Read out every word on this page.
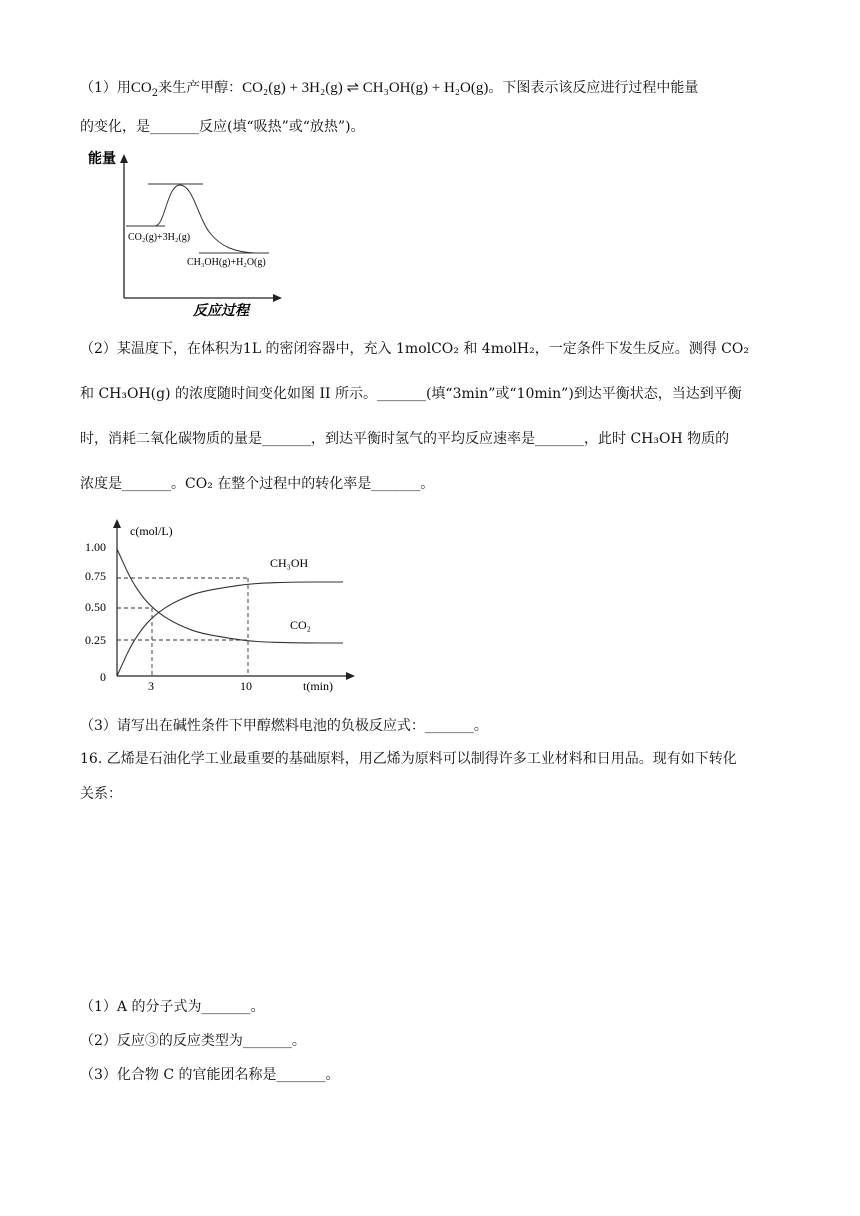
（1）用$CO_2$来生产甲醇：CO₂(g) + 3H₂(g) ⇌ CH₃OH(g) + H₂O(g)。下图表示该反应进行过程中能量
的变化，是_______反应(填“吸热”或“放热”)。
能量
CO₂(g)+3H₂(g)
CH₃OH(g)+H₂O(g)
反应过程
（2）某温度下，在体积为1L 的密闭容器中，充入 1molCO₂ 和 4molH₂，一定条件下发生反应。测得 CO₂
和 CH₃OH(g) 的浓度随时间变化如图 II 所示。_______(填“3min”或“10min”)到达平衡状态，当达到平衡
时，消耗二氧化碳物质的量是_______，到达平衡时氢气的平均反应速率是_______，此时 CH₃OH 物质的
浓度是_______。CO₂ 在整个过程中的转化率是_______。
c(mol/L)
t(min)
1.00
0.75
0.50
0.25
0
3	10
CH₃OH
CO₂
（3）请写出在碱性条件下甲醇燃料电池的负极反应式：_______。
16. 乙烯是石油化学工业最重要的基础原料，用乙烯为原料可以制得许多工业材料和日用品。现有如下转化
关系：
（1）A 的分子式为_______。
（2）反应③的反应类型为_______。
（3）化合物 C 的官能团名称是_______。
